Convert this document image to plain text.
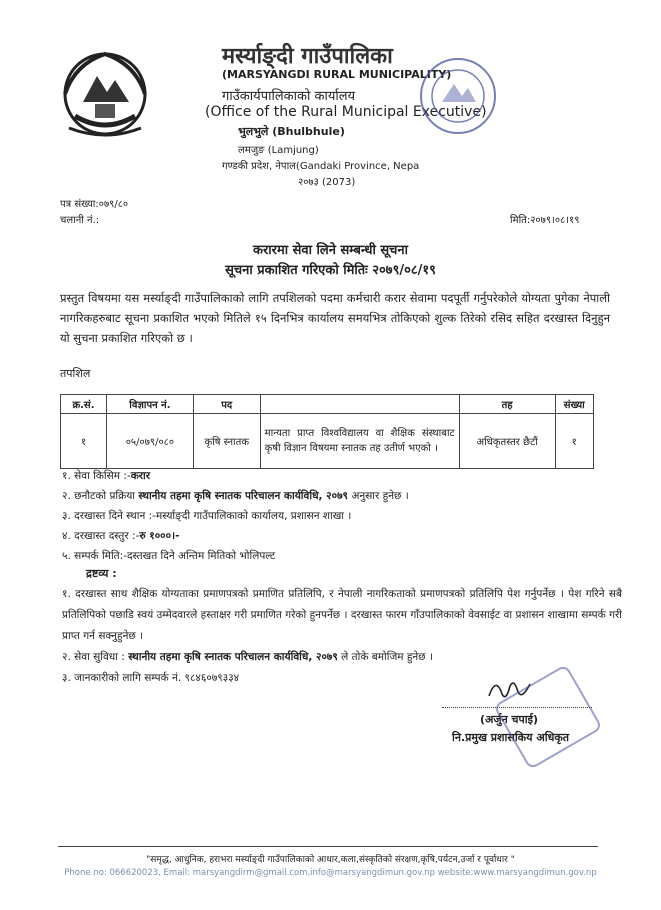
मर्स्याङ्दी गाउँपालिका
(MARSYANGDI RURAL MUNICIPALITY)
गाउँकार्यपालिकाको कार्यालय
(Office of the Rural Municipal Executive)
भुलभुले (Bhulbhule)
लमजुङ (Lamjung)
गण्डकी प्रदेश, नेपाल(Gandaki Province, Nepa
२०७३ (2073)
पत्र संख्या:०७९/८०
चलानी नं.:	मिति:२०७९।०८।१९
करारमा सेवा लिने सम्बन्धी सूचना
सूचना प्रकाशित गरिएको मितिः २०७९/०८/१९
प्रस्तुत विषयमा यस मर्स्याङ्दी गाउँपालिकाको लागि तपशिलको पदमा कर्मचारी करार सेवामा पदपूर्ती गर्नुपरेकोले योग्यता पुगेका नेपाली नागरिकहरुबाट सूचना प्रकाशित भएको मितिले १५ दिनभित्र कार्यालय समयभित्र तोकिएको शुल्क तिरेको रसिद सहित दरखास्त दिनुहुन यो सुचना प्रकाशित गरिएको छ ।
तपशिल
क्र.सं.	विज्ञापन नं.	पद		तह	संख्या
१	०५/०७९/०८०	कृषि स्नातक	मान्यता प्राप्त विश्वविद्यालय वा शैक्षिक संस्थाबाट कृषी विज्ञान विषयमा स्नातक तह उतीर्ण भएको ।	अधिकृतस्तर छैटौं	१
१. सेवा किसिम :-करार
२. छनौटको प्रक्रिया स्थानीय तहमा कृषि स्नातक परिचालन कार्यविधि, २०७९ अनुसार हुनेछ ।
३. दरखास्त दिने स्थान :-मर्स्याङ्दी गाउँपालिकाको कार्यालय, प्रशासन शाखा ।
४. दरखास्त दस्तुर :-रु १०००।-
५. सम्पर्क मिति:-दस्तखत दिने अन्तिम मितिको भोलिपल्ट
द्रष्टव्य :
१. दरखास्त साथ शैक्षिक योग्यताका प्रमाणपत्रको प्रमाणित प्रतिलिपि, र नेपाली नागरिकताको प्रमाणपत्रको प्रतिलिपि पेश गर्नुपर्नेछ । पेश गरिने सबै प्रतिलिपिको पछाडि स्वयं उम्मेदवारले हस्ताक्षर गरी प्रमाणित गरेको हुनपर्नेछ । दरखास्त फारम गाँउपालिकाको वेवसाईट वा प्रशासन शाखामा सम्पर्क गरी प्राप्त गर्न सक्नुहुनेछ ।
२. सेवा सुविधा : स्थानीय तहमा कृषि स्नातक परिचालन कार्यविधि, २०७९ ले तोके बमोजिम हुनेछ ।
३. जानकारीको लागि सम्पर्क नं. ९८४६०७९३३४
(अर्जुन चपाई)
नि.प्रमुख प्रशासकिय अधिकृत
"समृद्ध, आधुनिक, हराभरा मर्स्याङ्दी गाउँपालिकाको आधार,कला,संस्कृतिको संरक्षण,कृषि,पर्यटन,उर्जा र पूर्वाधार "
Phone no: 066620023, Email: marsyangdirm@gmail.com,info@marsyangdimun.gov.np website:www.marsyangdimun.gov.np
